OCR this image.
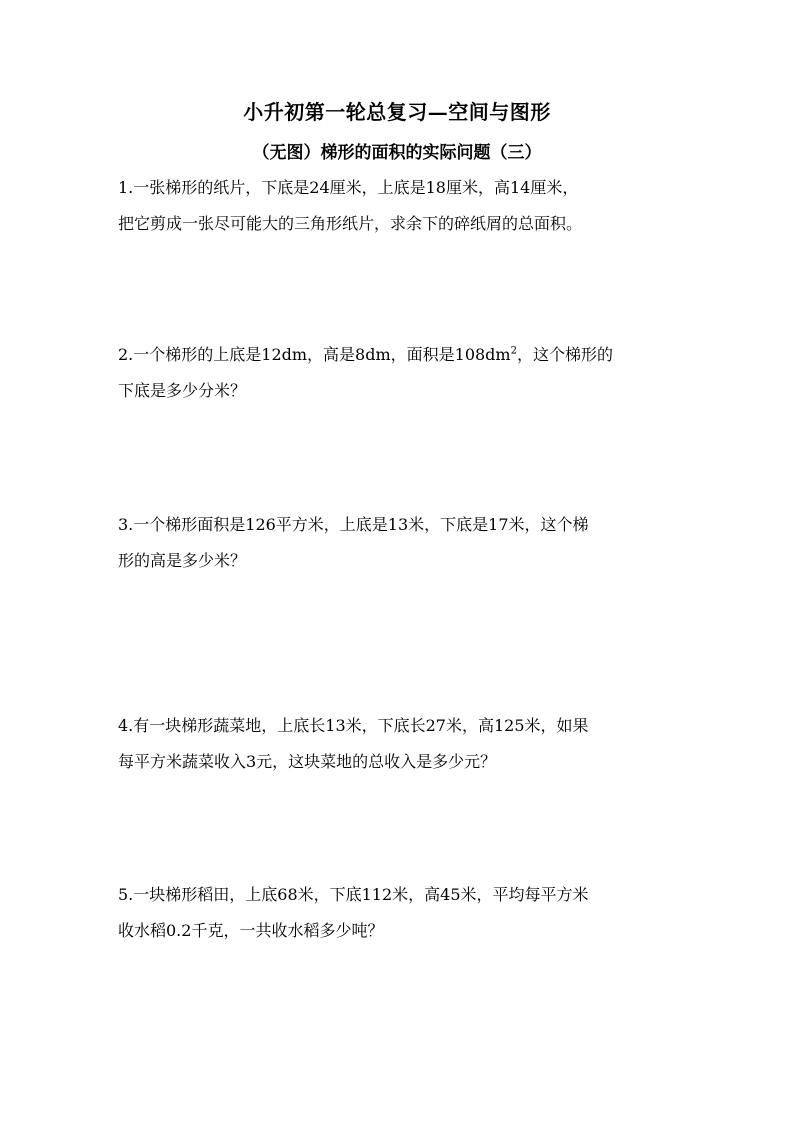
小升初第一轮总复习—空间与图形
（无图）梯形的面积的实际问题（三）
1.一张梯形的纸片，下底是24厘米，上底是18厘米，高14厘米，
把它剪成一张尽可能大的三角形纸片，求余下的碎纸屑的总面积。
2.一个梯形的上底是12dm，高是8dm，面积是$108dm^2$，这个梯形的
下底是多少分米？
3.一个梯形面积是126平方米，上底是13米，下底是17米，这个梯
形的高是多少米？
4.有一块梯形蔬菜地，上底长13米，下底长27米，高125米，如果
每平方米蔬菜收入3元，这块菜地的总收入是多少元？
5.一块梯形稻田，上底68米，下底112米，高45米，平均每平方米
收水稻0.2千克，一共收水稻多少吨？
